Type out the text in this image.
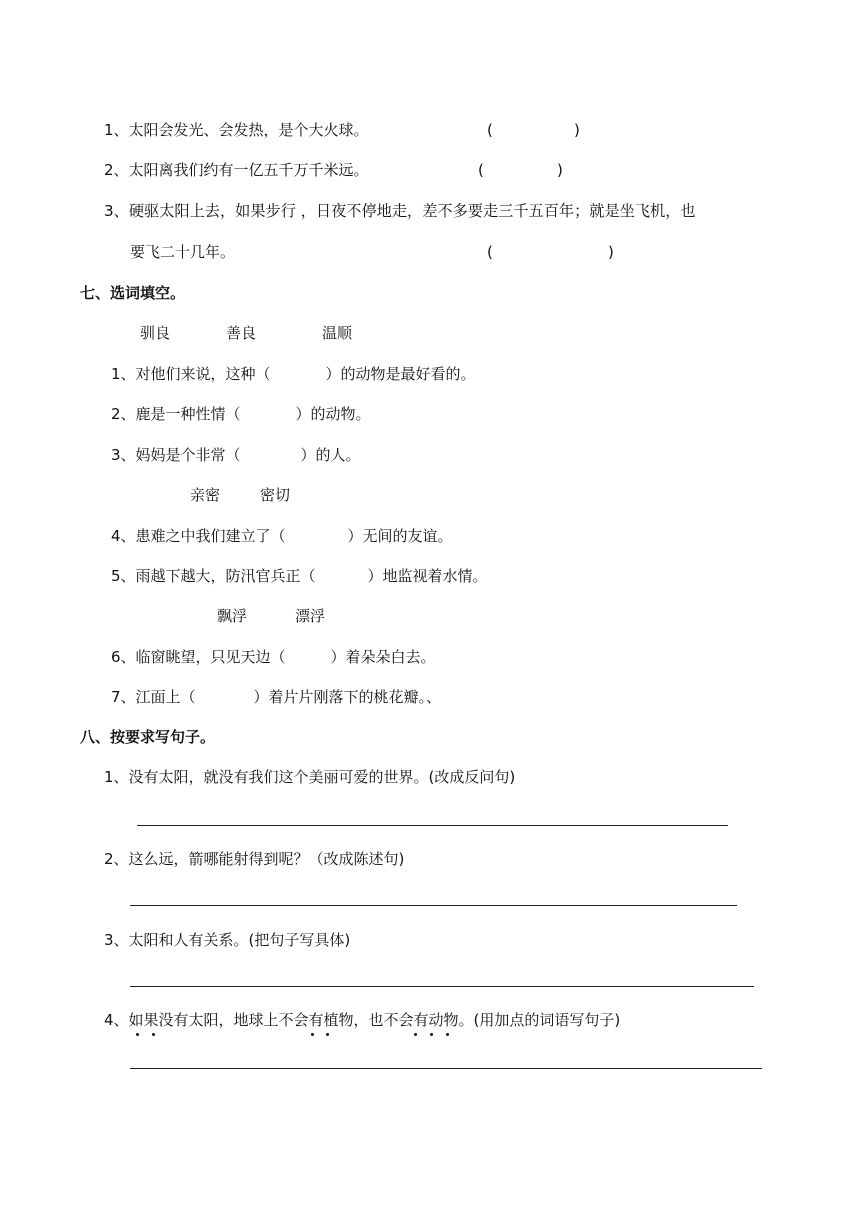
1、太阳会发光、会发热，是个大火球。	(	)
2、太阳离我们约有一亿五千万千米远。	(	)
3、硬驱太阳上去，如果步行 ，日夜不停地走，差不多要走三千五百年；就是坐飞机，也
要飞二十几年。	(	)
七、选词填空。
驯良	善良	温顺
1、对他们来说，这种（	）的动物是最好看的。
2、鹿是一种性情（	）的动物。
3、妈妈是个非常（	）的人。
亲密	密切
4、患难之中我们建立了（	）无间的友谊。
5、雨越下越大，防汛官兵正（	）地监视着水情。
飘浮	漂浮
6、临窗眺望，只见天边（	）着朵朵白去。
7、江面上（	）着片片刚落下的桃花瓣。、
八、按要求写句子。
1、没有太阳，就没有我们这个美丽可爱的世界。(改成反问句)
2、这么远，箭哪能射得到呢？（改成陈述句)
3、太阳和人有关系。(把句子写具体)
4、如果没有太阳，地球上不会有植物，也不会有动物。(用加点的词语写句子)
